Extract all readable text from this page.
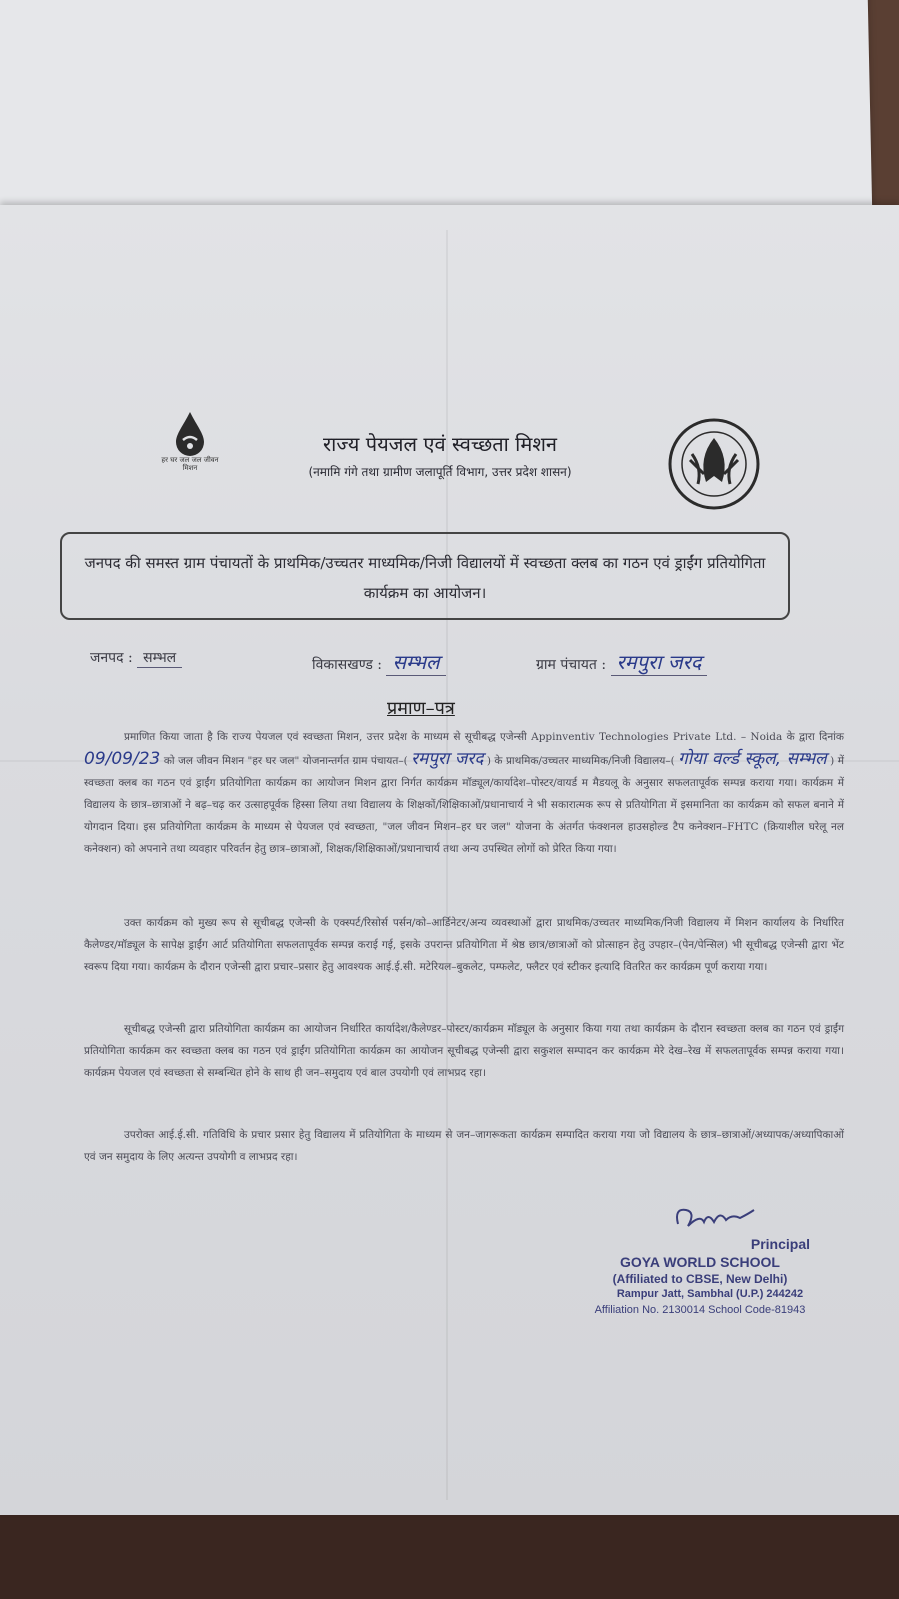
हर घर जल जल जीवन मिशन
राज्य पेयजल एवं स्वच्छता मिशन
(नमामि गंगे तथा ग्रामीण जलापूर्ति विभाग, उत्तर प्रदेश शासन)
जनपद की समस्त ग्राम पंचायतों के प्राथमिक/उच्चतर माध्यमिक/निजी विद्यालयों में स्वच्छता क्लब का गठन एवं ड्राईंग प्रतियोगिता कार्यक्रम का आयोजन।
जनपद : सम्भल	विकासखण्ड : सम्भल	ग्राम पंचायत : रमपुरा जरद
प्रमाण–पत्र

प्रमाणित किया जाता है कि राज्य पेयजल एवं स्वच्छता मिशन, उत्तर प्रदेश के माध्यम से सूचीबद्ध एजेन्सी Appinventiv Technologies Private Ltd. – Noida के द्वारा दिनांक 09/09/23 को जल जीवन मिशन "हर घर जल" योजनान्तर्गत ग्राम पंचायत–( रमपुरा जरद ) के प्राथमिक/उच्चतर माध्यमिक/निजी विद्यालय–( गोया वर्ल्ड स्कूल, सम्भल ) में स्वच्छता क्लब का गठन एवं ड्राईंग प्रतियोगिता कार्यक्रम का आयोजन मिशन द्वारा निर्गत कार्यक्रम मॉड्यूल/कार्यादेश–पोस्टर/वायर्ड म मैडयलू के अनुसार सफलतापूर्वक सम्पन्न कराया गया। कार्यक्रम में विद्यालय के छात्र–छात्राओं ने बढ़–चढ़ कर उत्साहपूर्वक हिस्सा लिया तथा विद्यालय के शिक्षकों/शिक्षिकाओं/प्रधानाचार्य ने भी सकारात्मक रूप से प्रतियोगिता में इसमानिता का कार्यक्रम को सफल बनाने में योगदान दिया। इस प्रतियोगिता कार्यक्रम के माध्यम से पेयजल एवं स्वच्छता, "जल जीवन मिशन–हर घर जल" योजना के अंतर्गत फंक्शनल हाउसहोल्ड टैप कनेक्शन–FHTC (क्रियाशील घरेलू नल कनेक्शन) को अपनाने तथा व्यवहार परिवर्तन हेतु छात्र–छात्राओं, शिक्षक/शिक्षिकाओं/प्रधानाचार्य तथा अन्य उपस्थित लोगों को प्रेरित किया गया।

उक्त कार्यक्रम को मुख्य रूप से सूचीबद्ध एजेन्सी के एक्स्पर्ट/रिसोर्स पर्सन/को–आर्डिनेटर/अन्य व्यवस्थाओं द्वारा प्राथमिक/उच्चतर माध्यमिक/निजी विद्यालय में मिशन कार्यालय के निर्धारित कैलेण्डर/मॉड्यूल के सापेक्ष ड्राईंग आर्ट प्रतियोगिता सफलतापूर्वक सम्पन्न कराई गई, इसके उपरान्त प्रतियोगिता में श्रेष्ठ छात्र/छात्राओं को प्रोत्साहन हेतु उपहार–(पेन/पेन्सिल) भी सूचीबद्ध एजेन्सी द्वारा भेंट स्वरूप दिया गया। कार्यक्रम के दौरान एजेन्सी द्वारा प्रचार–प्रसार हेतु आवश्यक आई.ई.सी. मटेरियल–बुकलेट, पम्फलेट, फ्लैटर एवं स्टीकर इत्यादि वितरित कर कार्यक्रम पूर्ण कराया गया।

सूचीबद्ध एजेन्सी द्वारा प्रतियोगिता कार्यक्रम का आयोजन निर्धारित कार्यादेश/कैलेण्डर–पोस्टर/कार्यक्रम मॉड्यूल के अनुसार किया गया तथा कार्यक्रम के दौरान स्वच्छता क्लब का गठन एवं ड्राईंग प्रतियोगिता कार्यक्रम कर स्वच्छता क्लब का गठन एवं ड्राईंग प्रतियोगिता कार्यक्रम का आयोजन सूचीबद्ध एजेन्सी द्वारा सकुशल सम्पादन कर कार्यक्रम मेरे देख–रेख में सफलतापूर्वक सम्पन्न कराया गया। कार्यक्रम पेयजल एवं स्वच्छता से सम्बन्धित होने के साथ ही जन–समुदाय एवं बाल उपयोगी एवं लाभप्रद रहा।

उपरोक्त आई.ई.सी. गतिविधि के प्रचार प्रसार हेतु विद्यालय में प्रतियोगिता के माध्यम से जन–जागरूकता कार्यक्रम सम्पादित कराया गया जो विद्यालय के छात्र–छात्राओं/अध्यापक/अध्यापिकाओं एवं जन समुदाय के लिए अत्यन्त उपयोगी व लाभप्रद रहा।

Principal
GOYA WORLD SCHOOL
(Affiliated to CBSE, New Delhi)
Rampur Jatt, Sambhal (U.P.) 244242
Affiliation No. 2130014 School Code-81943
